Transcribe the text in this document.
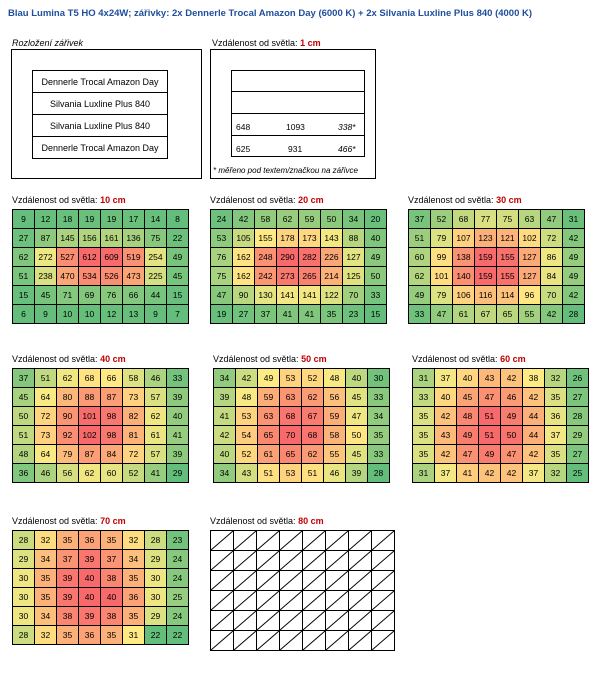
Blau Lumina T5 HO 4x24W; zářivky: 2x Dennerle Trocal Amazon Day (6000 K) + 2x Silvania Luxline Plus 840 (4000 K)
Rozložení zářivek
Dennerle Trocal Amazon Day
Silvania Luxline Plus 840
Silvania Luxline Plus 840
Dennerle Trocal Amazon Day
Vzdálenost od světla: 1 cm
648	1093	338*
625	931	466*
* měřeno pod textem/značkou na zářivce
Vzdálenost od světla: 10 cm
9	12	18	19	19	17	14	8
27	87	145	156	161	136	75	22
62	272	527	612	609	519	254	49
51	238	470	534	526	473	225	45
15	45	71	69	76	66	44	15
6	9	10	10	12	13	9	7
Vzdálenost od světla: 20 cm
24	42	58	62	59	50	34	20
53	105	155	178	173	143	88	40
76	162	248	290	282	226	127	49
75	162	242	273	265	214	125	50
47	90	130	141	141	122	70	33
19	27	37	41	41	35	23	15
Vzdálenost od světla: 30 cm
37	52	68	77	75	63	47	31
51	79	107	123	121	102	72	42
60	99	138	159	155	127	86	49
62	101	140	159	155	127	84	49
49	79	106	116	114	96	70	42
33	47	61	67	65	55	42	28
Vzdálenost od světla: 40 cm
37	51	62	68	66	58	46	33
45	64	80	88	87	73	57	39
50	72	90	101	98	82	62	40
51	73	92	102	98	81	61	41
48	64	79	87	84	72	57	39
36	46	56	62	60	52	41	29
Vzdálenost od světla: 50 cm
34	42	49	53	52	48	40	30
39	48	59	63	62	56	45	33
41	53	63	68	67	59	47	34
42	54	65	70	68	58	50	35
40	52	61	65	62	55	45	33
34	43	51	53	51	46	39	28
Vzdálenost od světla: 60 cm
31	37	40	43	42	38	32	26
33	40	45	47	46	42	35	27
35	42	48	51	49	44	36	28
35	43	49	51	50	44	37	29
35	42	47	49	47	42	35	27
31	37	41	42	42	37	32	25
Vzdálenost od světla: 70 cm
28	32	35	36	35	32	28	23
29	34	37	39	37	34	29	24
30	35	39	40	38	35	30	24
30	35	39	40	40	36	30	25
30	34	38	39	38	35	29	24
28	32	35	36	35	31	22	22
Vzdálenost od světla: 80 cm
